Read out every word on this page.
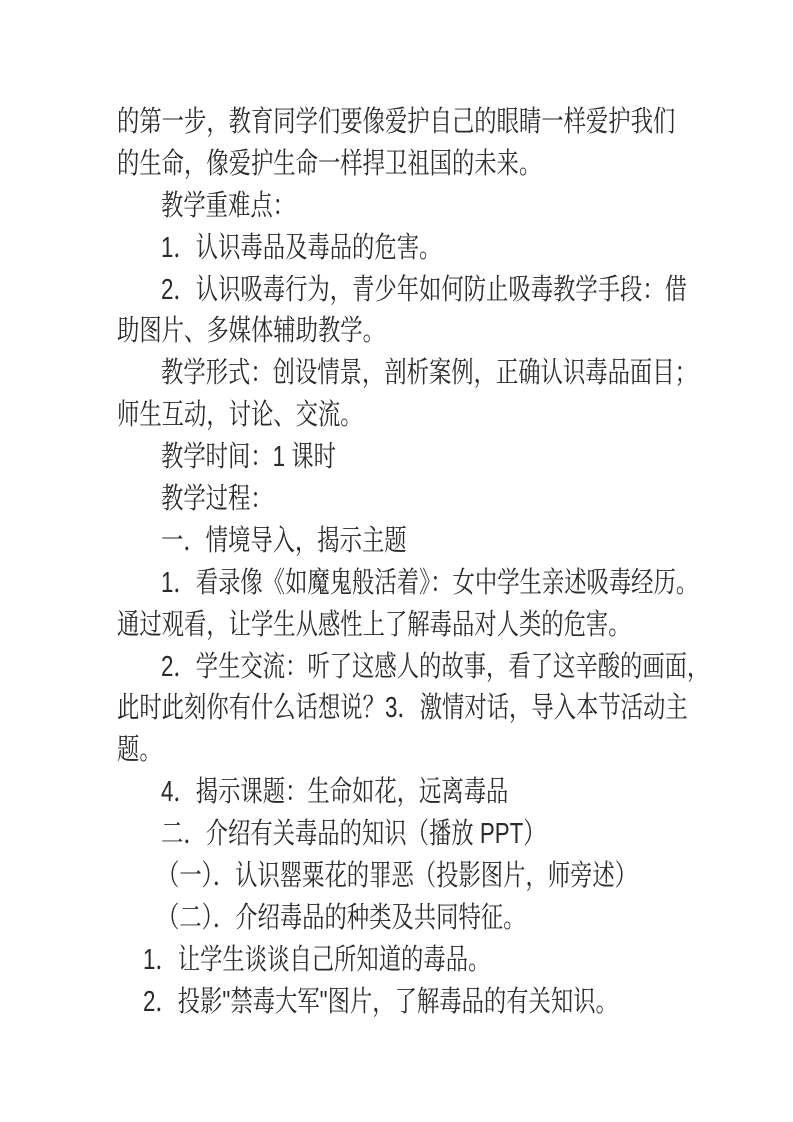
的第一步，教育同学们要像爱护自己的眼睛一样爱护我们
的生命，像爱护生命一样捍卫祖国的未来。
教学重难点：
1．认识毒品及毒品的危害。
2．认识吸毒行为，青少年如何防止吸毒教学手段：借
助图片、多媒体辅助教学。
教学形式：创设情景，剖析案例，正确认识毒品面目；
师生互动，讨论、交流。
教学时间：1 课时
教学过程：
一．情境导入，揭示主题
1．看录像《如魔鬼般活着》：女中学生亲述吸毒经历。
通过观看，让学生从感性上了解毒品对人类的危害。
2．学生交流：听了这感人的故事，看了这辛酸的画面，
此时此刻你有什么话想说？3．激情对话，导入本节活动主
题。
4．揭示课题：生命如花，远离毒品
二．介绍有关毒品的知识（播放 PPT）
（一）．认识罂粟花的罪恶（投影图片，师旁述）
（二）．介绍毒品的种类及共同特征。
1．让学生谈谈自己所知道的毒品。
2．投影"禁毒大军"图片，了解毒品的有关知识。
